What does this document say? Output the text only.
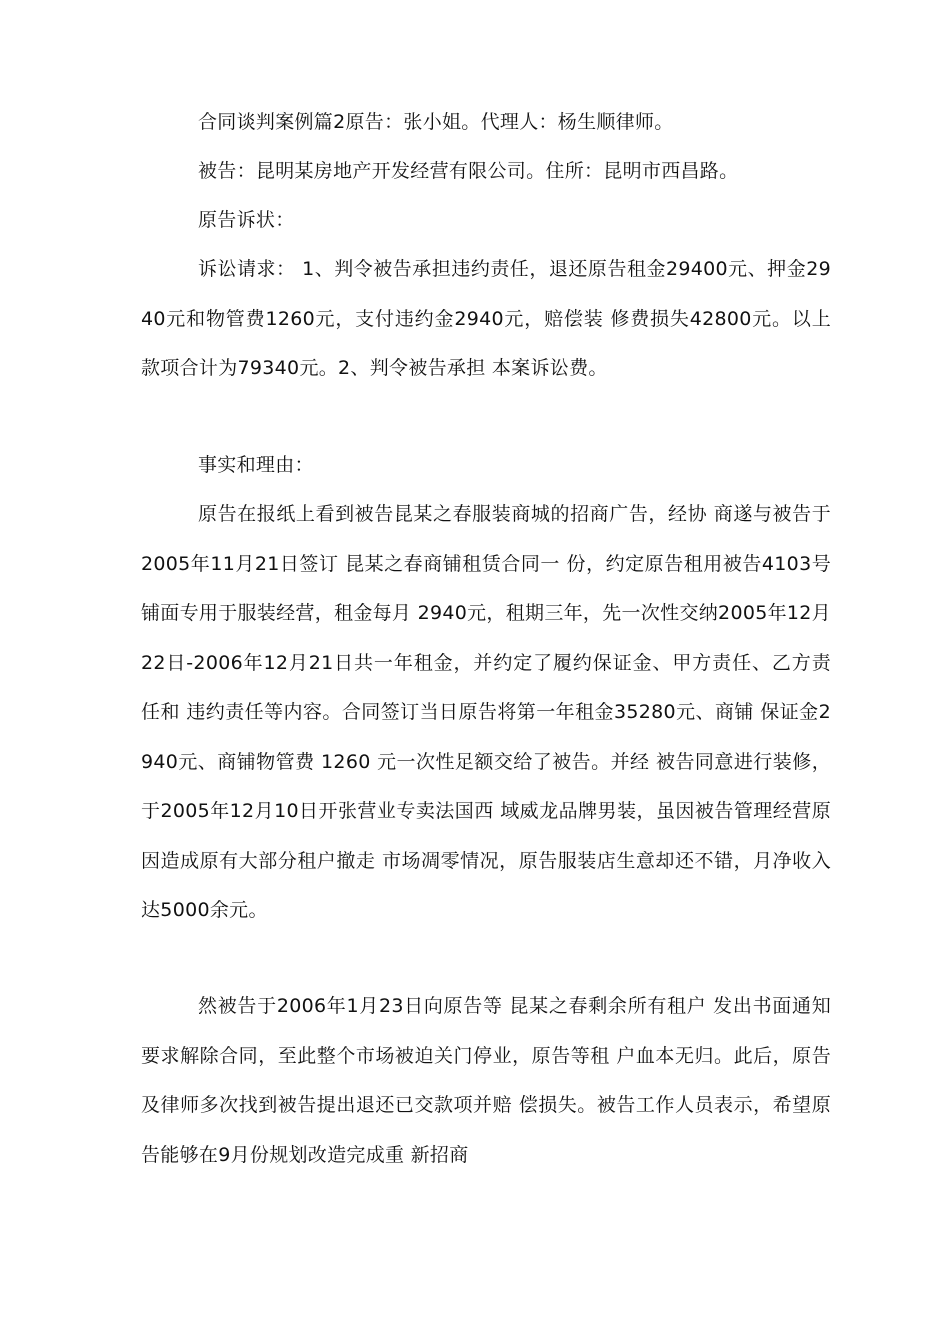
合同谈判案例篇2原告：张小姐。代理人：杨生顺律师。

被告：昆明某房地产开发经营有限公司。住所：昆明市西昌路。

原告诉状：

诉讼请求： 1、判令被告承担违约责任，退还原告租金29400元、押金2940元和物管费1260元，支付违约金2940元，赔偿装 修费损失42800元。以上款项合计为79340元。2、判令被告承担 本案诉讼费。

事实和理由：

原告在报纸上看到被告昆某之春服装商城的招商广告，经协 商遂与被告于2005年11月21日签订 昆某之春商铺租赁合同一 份，约定原告租用被告4103号铺面专用于服装经营，租金每月 2940元，租期三年，先一次性交纳2005年12月22日-2006年12月21日共一年租金，并约定了履约保证金、甲方责任、乙方责任和 违约责任等内容。合同签订当日原告将第一年租金35280元、商铺 保证金2940元、商铺物管费 1260 元一次性足额交给了被告。并经 被告同意进行装修，于2005年12月10日开张营业专卖法国西 域威龙品牌男装，虽因被告管理经营原因造成原有大部分租户撤走 市场凋零情况，原告服装店生意却还不错，月净收入达5000余元。

然被告于2006年1月23日向原告等 昆某之春剩余所有租户 发出书面通知要求解除合同，至此整个市场被迫关门停业，原告等租 户血本无归。此后，原告及律师多次找到被告提出退还已交款项并赔 偿损失。被告工作人员表示，希望原告能够在9月份规划改造完成重 新招商
